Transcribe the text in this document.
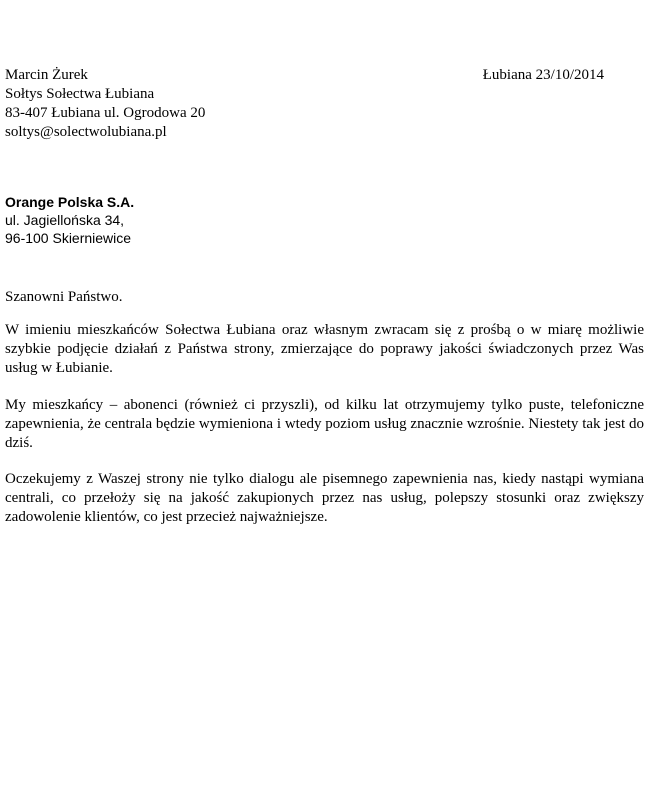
Marcin Żurek
Sołtys Sołectwa Łubiana
83-407 Łubiana ul. Ogrodowa 20
soltys@solectwolubiana.pl
Łubiana 23/10/2014
Orange Polska S.A.
ul. Jagiellońska 34,
96-100 Skierniewice
Szanowni Państwo.
W imieniu mieszkańców Sołectwa Łubiana oraz własnym zwracam się z prośbą o w miarę możliwie szybkie podjęcie działań z Państwa strony, zmierzające do poprawy jakości świadczonych przez Was usług w Łubianie.
My mieszkańcy – abonenci (również ci przyszli), od kilku lat otrzymujemy tylko puste, telefoniczne zapewnienia, że centrala będzie wymieniona i wtedy poziom usług znacznie wzrośnie. Niestety tak jest do dziś.
Oczekujemy z Waszej strony nie tylko dialogu ale pisemnego zapewnienia nas, kiedy nastąpi wymiana centrali, co przełoży się na jakość zakupionych przez nas usług, polepszy stosunki oraz zwiększy zadowolenie klientów, co jest przecież najważniejsze.
